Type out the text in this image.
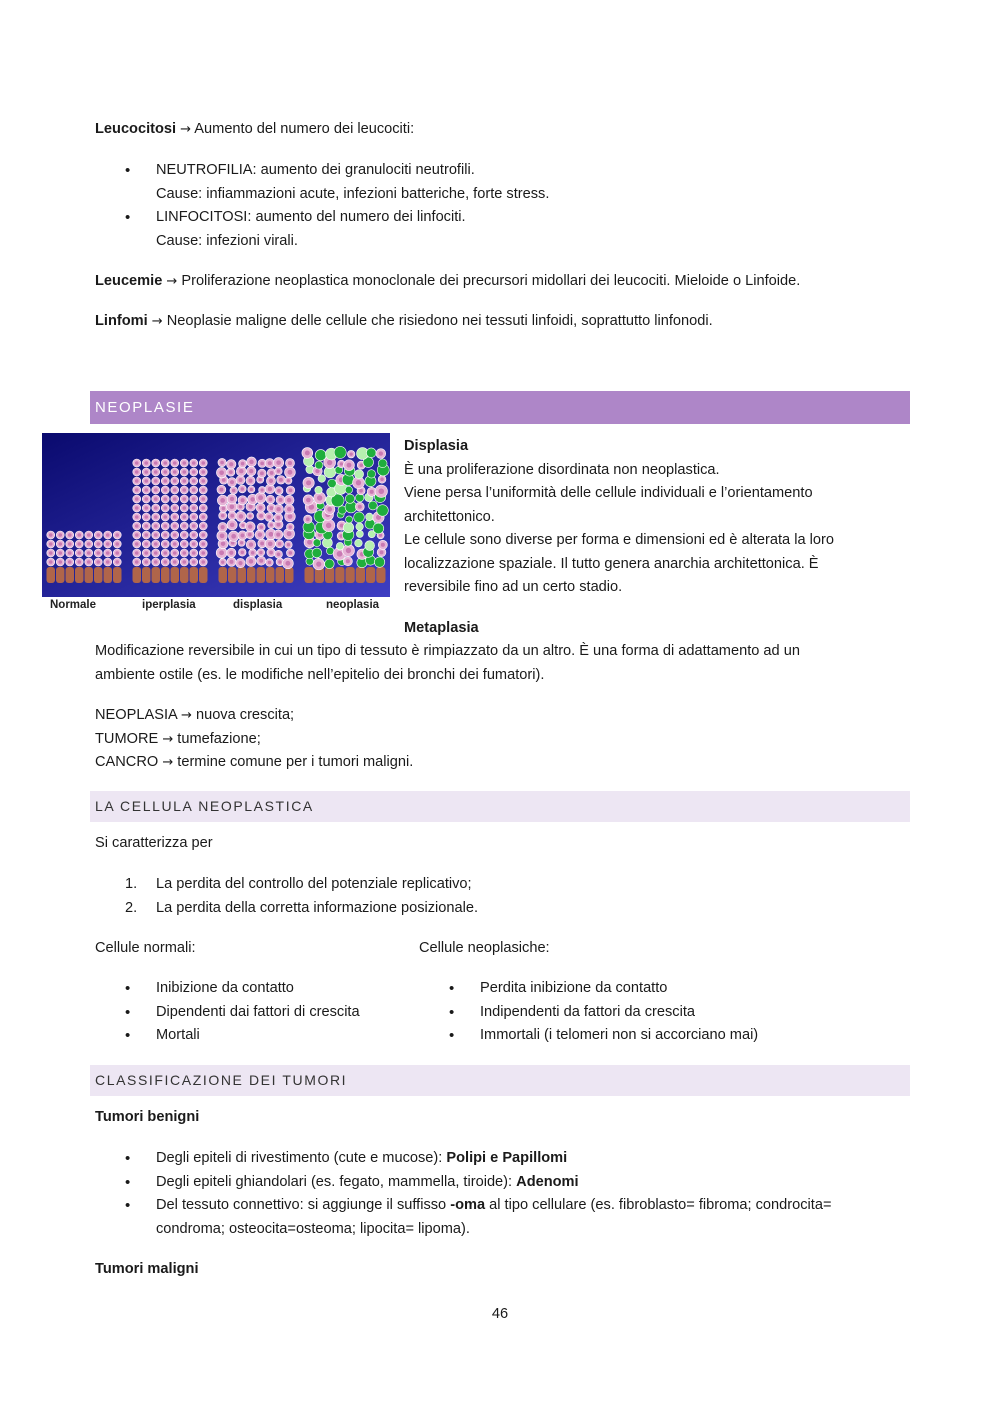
Leucocitosi → Aumento del numero dei leucociti:

• NEUTROFILIA: aumento dei granulociti neutrofili.
Cause: infiammazioni acute, infezioni batteriche, forte stress.
• LINFOCITOSI: aumento del numero dei linfociti.
Cause: infezioni virali.

Leucemie → Proliferazione neoplastica monoclonale dei precursori midollari dei leucociti. Mieloide o Linfoide.

Linfomi → Neoplasie maligne delle cellule che risiedono nei tessuti linfoidi, soprattutto linfonodi.

NEOPLASIE
Normale	iperplasia	displasia	neoplasia
Displasia
È una proliferazione disordinata non neoplastica.
Viene persa l’uniformità delle cellule individuali e l’orientamento
architettonico.
Le cellule sono diverse per forma e dimensioni ed è alterata la loro
localizzazione spaziale. Il tutto genera anarchia architettonica. È
reversibile fino ad un certo stadio.
Metaplasia

Modificazione reversibile in cui un tipo di tessuto è rimpiazzato da un altro. È una forma di adattamento ad un
ambiente ostile (es. le modifiche nell’epitelio dei bronchi dei fumatori).

NEOPLASIA → nuova crescita;
TUMORE → tumefazione;
CANCRO → termine comune per i tumori maligni.
LA CELLULA NEOPLASTICA

Si caratterizza per

1. La perdita del controllo del potenziale replicativo;
2. La perdita della corretta informazione posizionale.
Cellule normali:
• Inibizione da contatto
• Dipendenti dai fattori di crescita
• Mortali
Cellule neoplasiche:
• Perdita inibizione da contatto
• Indipendenti da fattori da crescita
• Immortali (i telomeri non si accorciano mai)
CLASSIFICAZIONE DEI TUMORI

Tumori benigni

• Degli epiteli di rivestimento (cute e mucose): Polipi e Papillomi
• Degli epiteli ghiandolari (es. fegato, mammella, tiroide): Adenomi
• Del tessuto connettivo: si aggiunge il suffisso -oma al tipo cellulare (es. fibroblasto= fibroma; condrocita=
condroma; osteocita=osteoma; lipocita= lipoma).

Tumori maligni

46
